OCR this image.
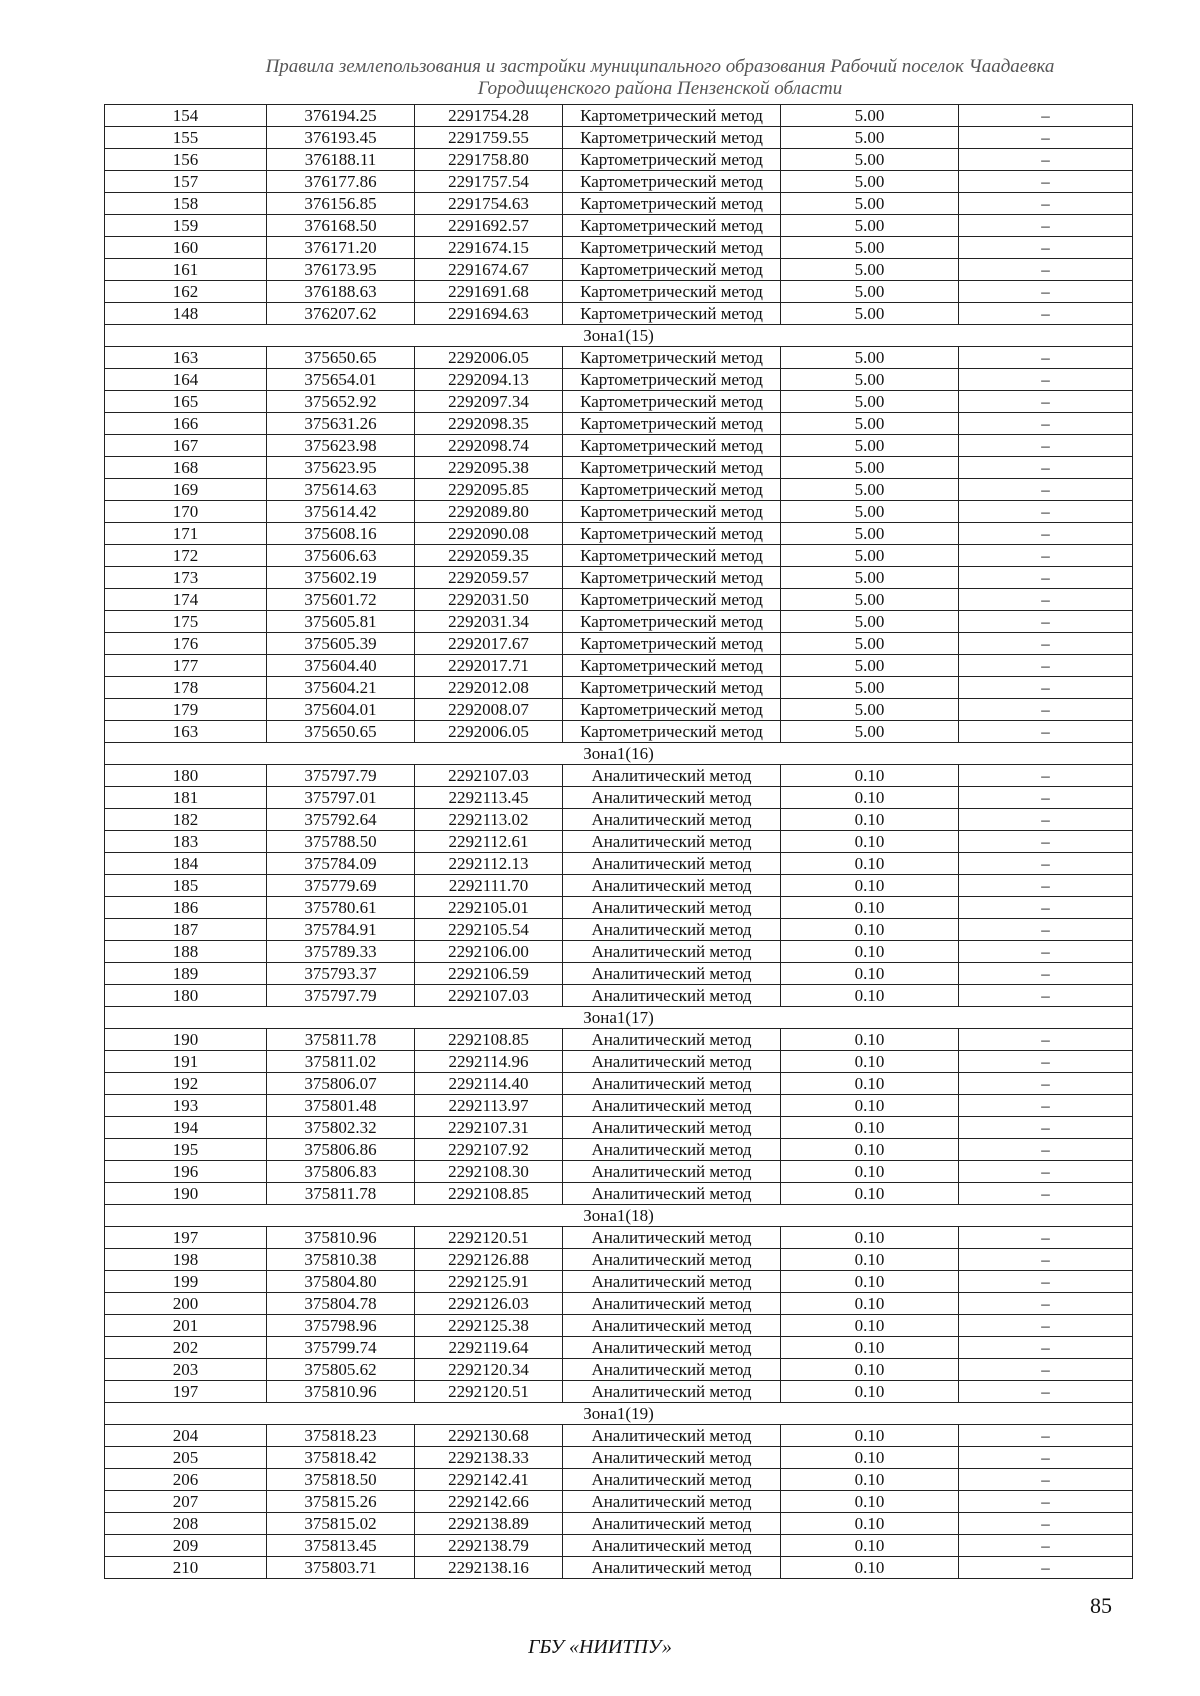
Правила землепользования и застройки муниципального образования Рабочий поселок Чаадаевка
Городищенского района Пензенской области
154	376194.25	2291754.28	Картометрический метод	5.00	–
155	376193.45	2291759.55	Картометрический метод	5.00	–
156	376188.11	2291758.80	Картометрический метод	5.00	–
157	376177.86	2291757.54	Картометрический метод	5.00	–
158	376156.85	2291754.63	Картометрический метод	5.00	–
159	376168.50	2291692.57	Картометрический метод	5.00	–
160	376171.20	2291674.15	Картометрический метод	5.00	–
161	376173.95	2291674.67	Картометрический метод	5.00	–
162	376188.63	2291691.68	Картометрический метод	5.00	–
148	376207.62	2291694.63	Картометрический метод	5.00	–
Зона1(15)					
163	375650.65	2292006.05	Картометрический метод	5.00	–
164	375654.01	2292094.13	Картометрический метод	5.00	–
165	375652.92	2292097.34	Картометрический метод	5.00	–
166	375631.26	2292098.35	Картометрический метод	5.00	–
167	375623.98	2292098.74	Картометрический метод	5.00	–
168	375623.95	2292095.38	Картометрический метод	5.00	–
169	375614.63	2292095.85	Картометрический метод	5.00	–
170	375614.42	2292089.80	Картометрический метод	5.00	–
171	375608.16	2292090.08	Картометрический метод	5.00	–
172	375606.63	2292059.35	Картометрический метод	5.00	–
173	375602.19	2292059.57	Картометрический метод	5.00	–
174	375601.72	2292031.50	Картометрический метод	5.00	–
175	375605.81	2292031.34	Картометрический метод	5.00	–
176	375605.39	2292017.67	Картометрический метод	5.00	–
177	375604.40	2292017.71	Картометрический метод	5.00	–
178	375604.21	2292012.08	Картометрический метод	5.00	–
179	375604.01	2292008.07	Картометрический метод	5.00	–
163	375650.65	2292006.05	Картометрический метод	5.00	–
Зона1(16)					
180	375797.79	2292107.03	Аналитический метод	0.10	–
181	375797.01	2292113.45	Аналитический метод	0.10	–
182	375792.64	2292113.02	Аналитический метод	0.10	–
183	375788.50	2292112.61	Аналитический метод	0.10	–
184	375784.09	2292112.13	Аналитический метод	0.10	–
185	375779.69	2292111.70	Аналитический метод	0.10	–
186	375780.61	2292105.01	Аналитический метод	0.10	–
187	375784.91	2292105.54	Аналитический метод	0.10	–
188	375789.33	2292106.00	Аналитический метод	0.10	–
189	375793.37	2292106.59	Аналитический метод	0.10	–
180	375797.79	2292107.03	Аналитический метод	0.10	–
Зона1(17)					
190	375811.78	2292108.85	Аналитический метод	0.10	–
191	375811.02	2292114.96	Аналитический метод	0.10	–
192	375806.07	2292114.40	Аналитический метод	0.10	–
193	375801.48	2292113.97	Аналитический метод	0.10	–
194	375802.32	2292107.31	Аналитический метод	0.10	–
195	375806.86	2292107.92	Аналитический метод	0.10	–
196	375806.83	2292108.30	Аналитический метод	0.10	–
190	375811.78	2292108.85	Аналитический метод	0.10	–
Зона1(18)					
197	375810.96	2292120.51	Аналитический метод	0.10	–
198	375810.38	2292126.88	Аналитический метод	0.10	–
199	375804.80	2292125.91	Аналитический метод	0.10	–
200	375804.78	2292126.03	Аналитический метод	0.10	–
201	375798.96	2292125.38	Аналитический метод	0.10	–
202	375799.74	2292119.64	Аналитический метод	0.10	–
203	375805.62	2292120.34	Аналитический метод	0.10	–
197	375810.96	2292120.51	Аналитический метод	0.10	–
Зона1(19)					
204	375818.23	2292130.68	Аналитический метод	0.10	–
205	375818.42	2292138.33	Аналитический метод	0.10	–
206	375818.50	2292142.41	Аналитический метод	0.10	–
207	375815.26	2292142.66	Аналитический метод	0.10	–
208	375815.02	2292138.89	Аналитический метод	0.10	–
209	375813.45	2292138.79	Аналитический метод	0.10	–
210	375803.71	2292138.16	Аналитический метод	0.10	–
85
ГБУ «НИИТПУ»
